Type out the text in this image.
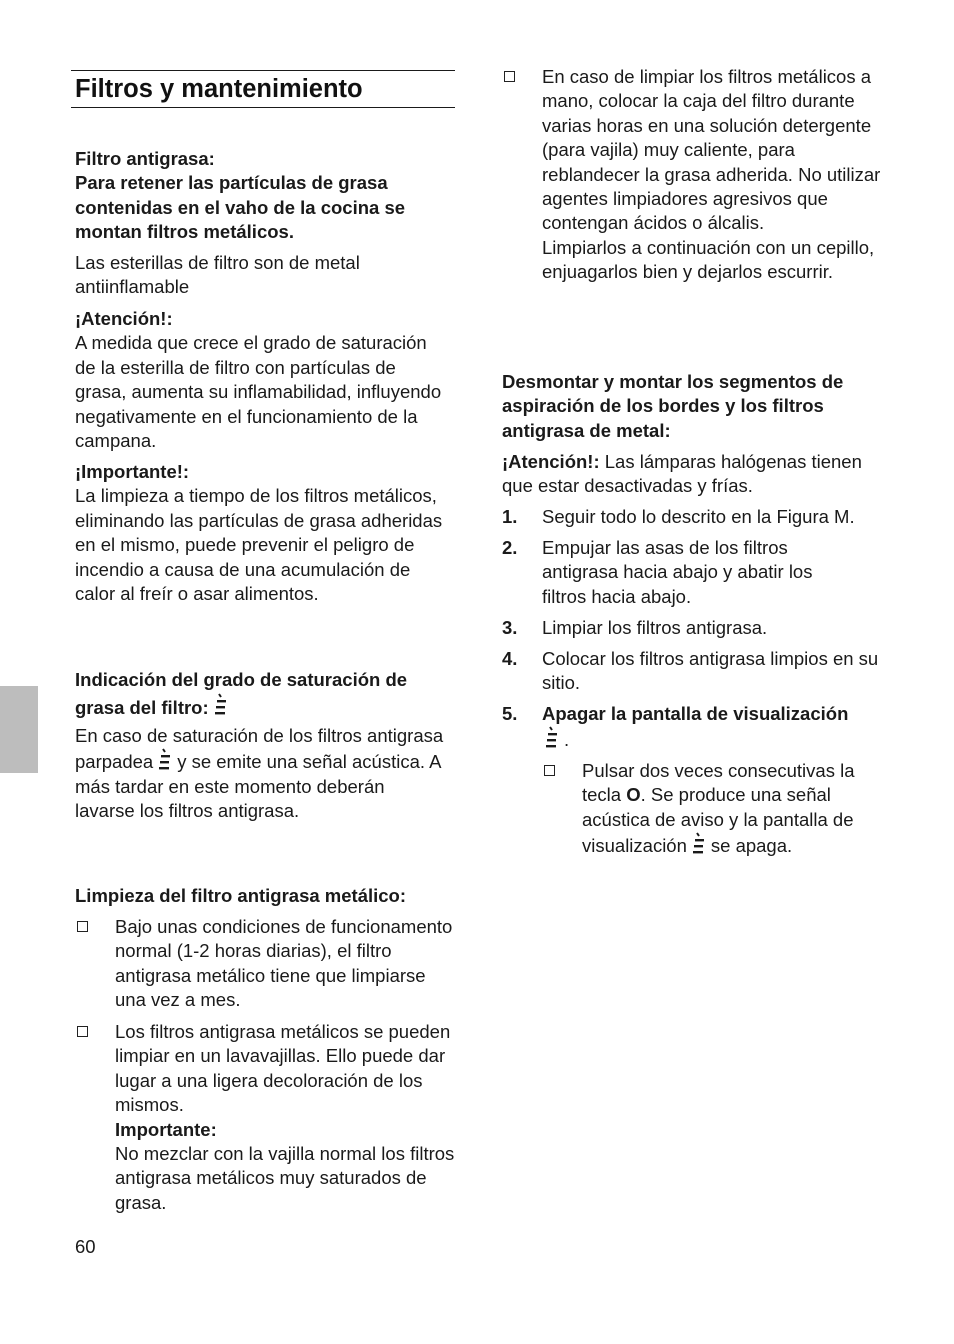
Filtros y mantenimiento
Filtro antigrasa:
Para retener las partículas de grasa contenidas en el vaho de la cocina se montan filtros metálicos.

Las esterillas de filtro son de metal antiinflamable

¡Atención!:
A medida que crece el grado de saturación de la esterilla de filtro con partículas de grasa, aumenta su inflamabilidad, influyendo negativamente en el funcionamiento de la campana.
¡Importante!:
La limpieza a tiempo de los filtros metálicos, eliminando las partículas de grasa adheridas en el mismo, puede prevenir el peligro de incendio a causa de una acumulación de calor al freír o asar alimentos.
Indicación del grado de saturación de grasa del filtro:

En caso de saturación de los filtros antigrasa parpadea y se emite una señal acústica. A más tardar en este momento deberán lavarse los filtros antigrasa.

Limpieza del filtro antigrasa metálico:

Bajo unas condiciones de funcionamento normal (1-2 horas diarias), el filtro antigrasa metálico tiene que limpiarse una vez a mes.
Los filtros antigrasa metálicos se pueden limpiar en un lavavajillas. Ello puede dar lugar a una ligera decoloración de los mismos.
Importante:
No mezclar con la vajilla normal los filtros antigrasa metálicos muy saturados de grasa.
60
En caso de limpiar los filtros metálicos a mano, colocar la caja del filtro durante varias horas en una solución detergente (para vajila) muy caliente, para reblandecer la grasa adherida. No utilizar agentes limpiadores agresivos que contengan ácidos o álcalis.
Limpiarlos a continuación con un cepillo, enjuagarlos bien y dejarlos escurrir.

Desmontar y montar los segmentos de aspiración de los bordes y los filtros antigrasa de metal:

¡Atención!: Las lámparas halógenas tienen que estar desactivadas y frías.

1. Seguir todo lo descrito en la Figura M.
2. Empujar las asas de los filtros antigrasa hacia abajo y abatir los filtros hacia abajo.
3. Limpiar los filtros antigrasa.
4. Colocar los filtros antigrasa limpios en su sitio.
5. Apagar la pantalla de visualización
.
Pulsar dos veces consecutivas la tecla O. Se produce una señal acústica de aviso y la pantalla de visualización se apaga.
